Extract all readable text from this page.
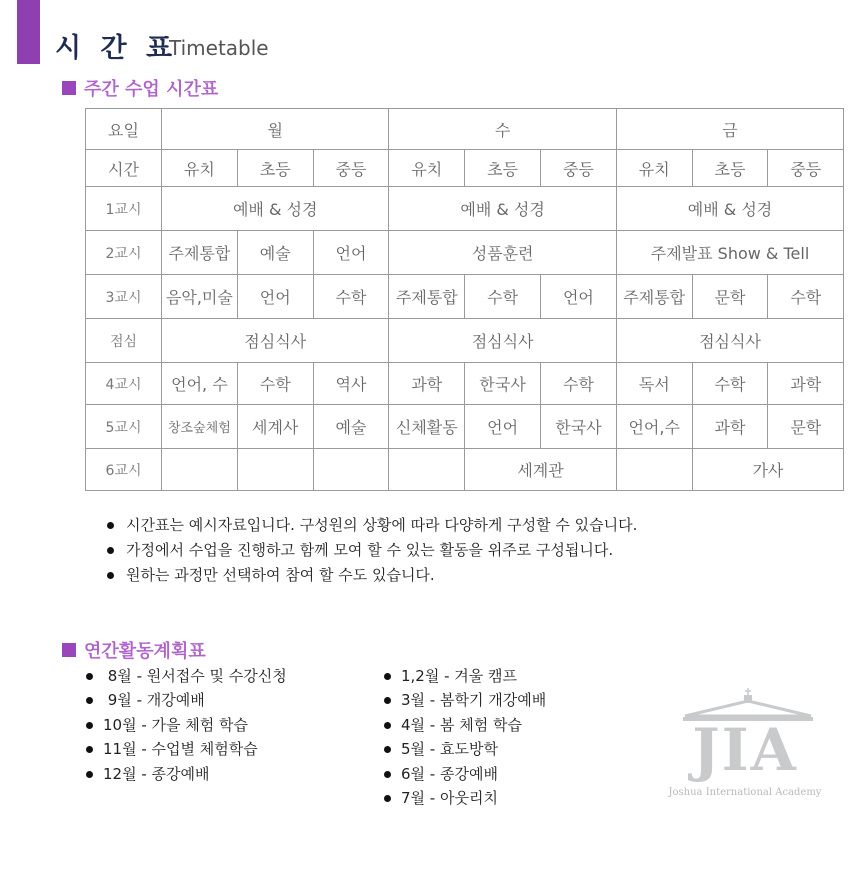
시 간 표
Timetable
주간 수업 시간표
요일	월			수			금		
시간	유치	초등	중등	유치	초등	중등	유치	초등	중등
1교시	예배 & 성경			예배 & 성경			예배 & 성경		
2교시	주제통합	예술	언어	성품훈련			주제발표 Show & Tell		
3교시	음악,미술	언어	수학	주제통합	수학	언어	주제통합	문학	수학
점심	점심식사			점심식사			점심식사		
4교시	언어, 수	수학	역사	과학	한국사	수학	독서	수학	과학
5교시	창조숲체험	세계사	예술	신체활동	언어	한국사	언어,수	과학	문학
6교시					세계관			가사	
시간표는 예시자료입니다. 구성원의 상황에 따라 다양하게 구성할 수 있습니다.
가정에서 수업을 진행하고 함께 모여 할 수 있는 활동을 위주로 구성됩니다.
원하는 과정만 선택하여 참여 할 수도 있습니다.
연간활동계획표
8월 - 원서접수 및 수강신청
9월 - 개강예배
10월 - 가을 체험 학습
11월 - 수업별 체험학습
12월 - 종강예배
1,2월 - 겨울 캠프
3월 - 봄학기 개강예배
4월 - 봄 체험 학습
5월 - 효도방학
6월 - 종강예배
7월 - 아웃리치
JIA
Joshua International Academy
